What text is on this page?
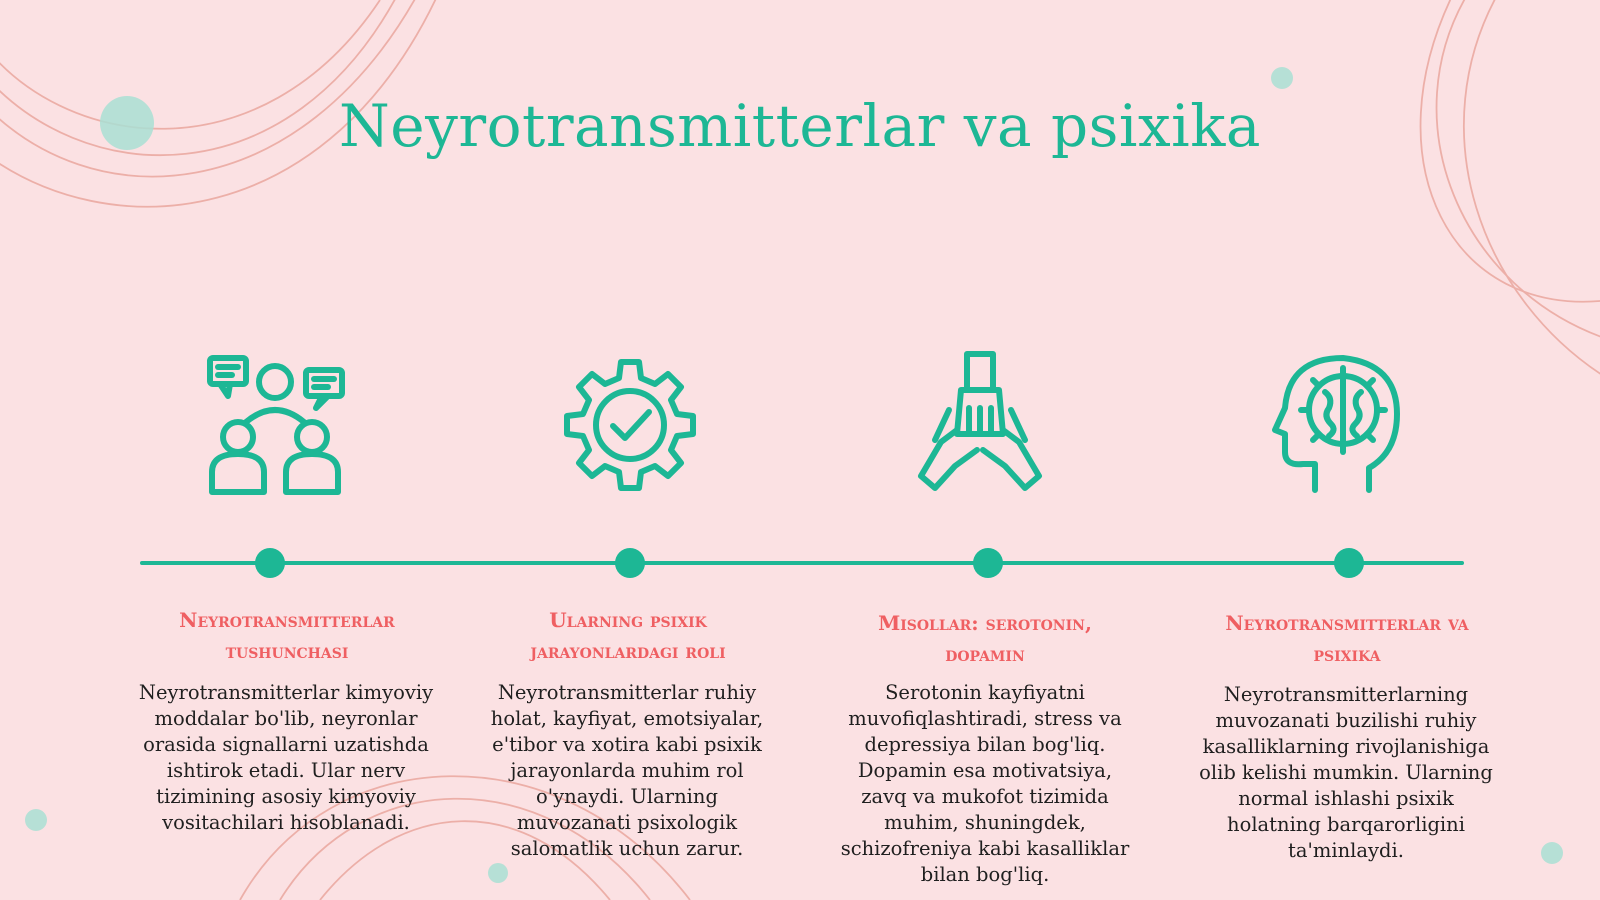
Neyrotransmitterlar va psixika
Neyrotransmitterlar tushunchasi
Ularning psixik jarayonlardagi roli
Misollar: serotonin, dopamin
Neyrotransmitterlar va psixika
Neyrotransmitterlar kimyoviy moddalar bo'lib, neyronlar orasida signallarni uzatishda ishtirok etadi. Ular nerv tizimining asosiy kimyoviy vositachilari hisoblanadi.
Neyrotransmitterlar ruhiy holat, kayfiyat, emotsiyalar, e'tibor va xotira kabi psixik jarayonlarda muhim rol o'ynaydi. Ularning muvozanati psixologik salomatlik uchun zarur.
Serotonin kayfiyatni muvofiqlashtiradi, stress va depressiya bilan bog'liq. Dopamin esa motivatsiya, zavq va mukofot tizimida muhim, shuningdek, schizofreniya kabi kasalliklar bilan bog'liq.
Neyrotransmitterlarning muvozanati buzilishi ruhiy kasalliklarning rivojlanishiga olib kelishi mumkin. Ularning normal ishlashi psixik holatning barqarorligini ta'minlaydi.
